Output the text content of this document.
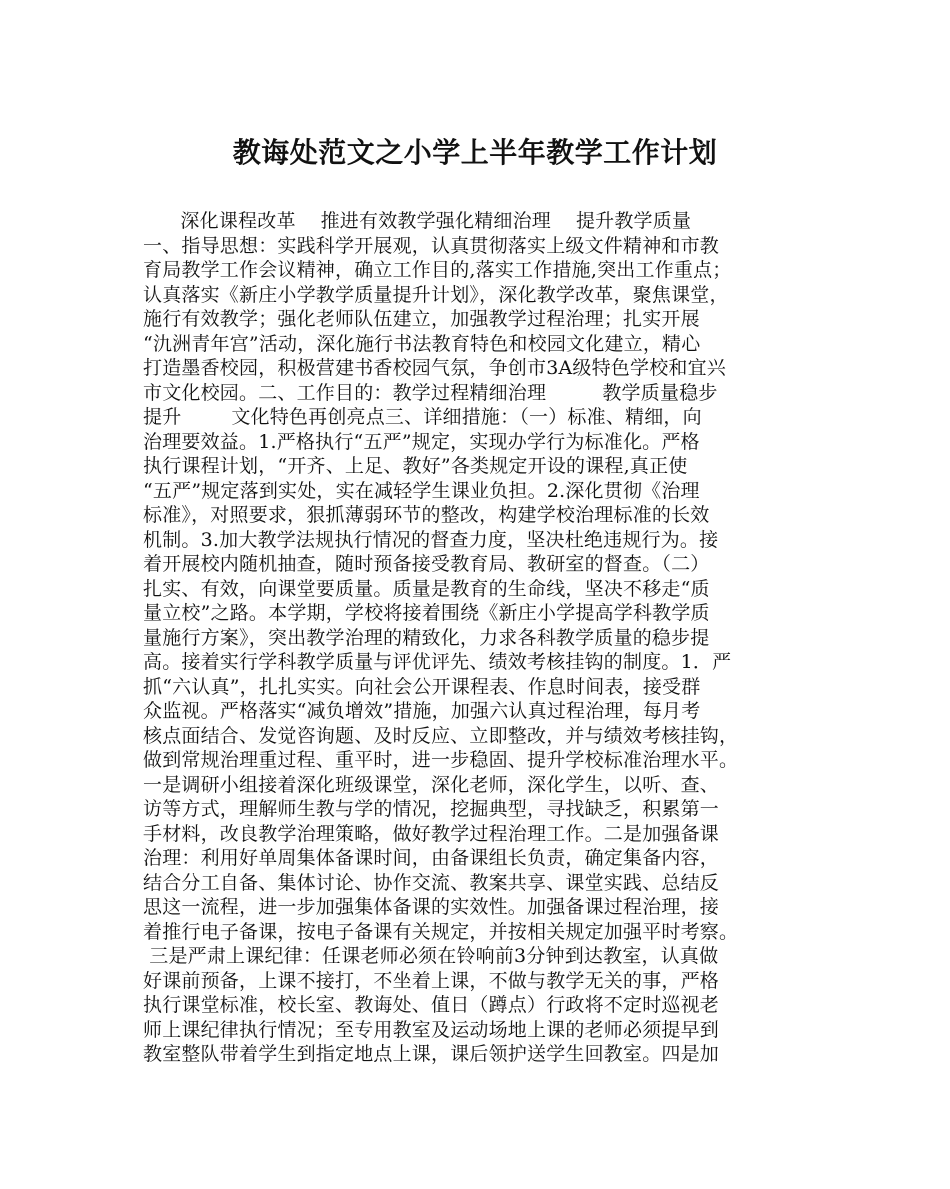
教诲处范文之小学上半年教学工作计划

深化课程改革    推进有效教学强化精细治理    提升教学质量

一、指导思想：实践科学开展观，认真贯彻落实上级文件精神和市教

育局教学工作会议精神，确立工作目的,落实工作措施,突出工作重点；

认真落实《新庄小学教学质量提升计划》，深化教学改革，聚焦课堂，

施行有效教学；强化老师队伍建立，加强教学过程治理；扎实开展

“氿洲青年宫”活动，深化施行书法教育特色和校园文化建立，精心

打造墨香校园，积极营建书香校园气氛，争创市3A级特色学校和宜兴

市文化校园。二、工作目的：教学过程精细治理         教学质量稳步

提升        文化特色再创亮点三、详细措施：（一）标准、精细，向

治理要效益。1.严格执行“五严”规定，实现办学行为标准化。严格

执行课程计划，“开齐、上足、教好”各类规定开设的课程,真正使

“五严”规定落到实处，实在减轻学生课业负担。2.深化贯彻《治理

标准》，对照要求，狠抓薄弱环节的整改，构建学校治理标准的长效

机制。3.加大教学法规执行情况的督查力度，坚决杜绝违规行为。接

着开展校内随机抽查，随时预备接受教育局、教研室的督查。（二）

扎实、有效，向课堂要质量。质量是教育的生命线，坚决不移走“质

量立校”之路。本学期，学校将接着围绕《新庄小学提高学科教学质

量施行方案》，突出教学治理的精致化，力求各科教学质量的稳步提

高。接着实行学科教学质量与评优评先、绩效考核挂钩的制度。1．严

抓“六认真”，扎扎实实。向社会公开课程表、作息时间表，接受群

众监视。严格落实“减负增效”措施，加强六认真过程治理，每月考

核点面结合、发觉咨询题、及时反应、立即整改，并与绩效考核挂钩，

做到常规治理重过程、重平时，进一步稳固、提升学校标准治理水平。

一是调研小组接着深化班级课堂，深化老师，深化学生，以听、查、

访等方式，理解师生教与学的情况，挖掘典型，寻找缺乏，积累第一

手材料，改良教学治理策略，做好教学过程治理工作。二是加强备课

治理：利用好单周集体备课时间，由备课组长负责，确定集备内容，

结合分工自备、集体讨论、协作交流、教案共享、课堂实践、总结反

思这一流程，进一步加强集体备课的实效性。加强备课过程治理，接

着推行电子备课，按电子备课有关规定，并按相关规定加强平时考察。

三是严肃上课纪律：任课老师必须在铃响前3分钟到达教室，认真做

好课前预备，上课不接打，不坐着上课，不做与教学无关的事，严格

执行课堂标准，校长室、教诲处、值日（蹲点）行政将不定时巡视老

师上课纪律执行情况；至专用教室及运动场地上课的老师必须提早到

教室整队带着学生到指定地点上课，课后领护送学生回教室。四是加
